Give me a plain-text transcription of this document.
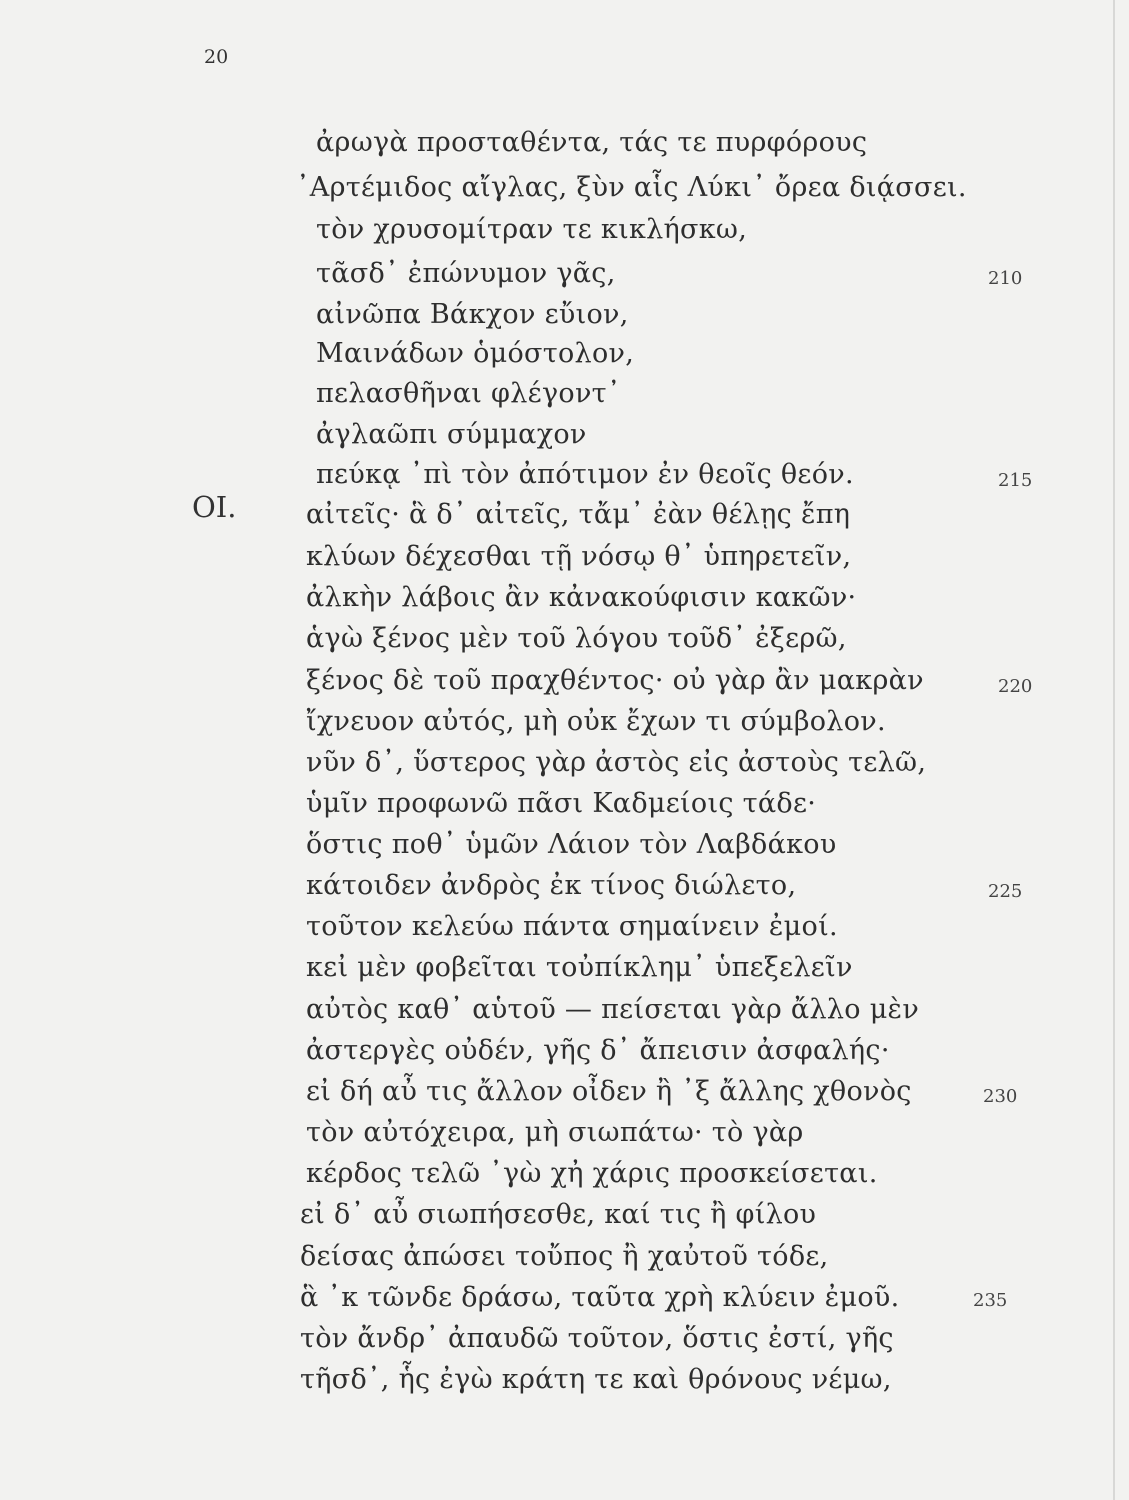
20
ΟΙ.
ἀρωγὰ προσταθέντα, τάς τε πυρφόρους
᾿Αρτέμιδος αἴγλας, ξὺν αἷς Λύκι᾿ ὄρεα διᾴσσει.
τὸν χρυσομίτραν τε κικλήσκω,
τᾶσδ᾿ ἐπώνυμον γᾶς,
αἰνῶπα Βάκχον εὔιον,
Μαινάδων ὁμόστολον,
πελασθῆναι φλέγοντ᾿
ἀγλαῶπι σύμμαχον
πεύκᾳ ᾿πὶ τὸν ἀπότιμον ἐν θεοῖς θεόν.
αἰτεῖς· ἃ δ᾿ αἰτεῖς, τἄμ᾿ ἐὰν θέλῃς ἔπη
κλύων δέχεσθαι τῇ νόσῳ θ᾿ ὑπηρετεῖν,
ἀλκὴν λάβοις ἂν κἀνακούφισιν κακῶν·
ἁγὼ ξένος μὲν τοῦ λόγου τοῦδ᾿ ἐξερῶ,
ξένος δὲ τοῦ πραχθέντος· οὐ γὰρ ἂν μακρὰν
ἴχνευον αὐτός, μὴ οὐκ ἔχων τι σύμβολον.
νῦν δ᾿, ὕστερος γὰρ ἀστὸς εἰς ἀστοὺς τελῶ,
ὑμῖν προφωνῶ πᾶσι Καδμείοις τάδε·
ὅστις ποθ᾿ ὑμῶν Λάιον τὸν Λαβδάκου
κάτοιδεν ἀνδρὸς ἐκ τίνος διώλετο,
τοῦτον κελεύω πάντα σημαίνειν ἐμοί.
κεἰ μὲν φοβεῖται τοὐπίκλημ᾿ ὑπεξελεῖν
αὐτὸς καθ᾿ αὑτοῦ — πείσεται γὰρ ἄλλο μὲν
ἀστεργὲς οὐδέν, γῆς δ᾿ ἄπεισιν ἀσφαλής·
εἰ δή αὖ τις ἄλλον οἶδεν ἢ ᾿ξ ἄλλης χθονὸς
τὸν αὐτόχειρα, μὴ σιωπάτω· τὸ γὰρ
κέρδος τελῶ ᾿γὼ χἠ χάρις προσκείσεται.
εἰ δ᾿ αὖ σιωπήσεσθε, καί τις ἢ φίλου
δείσας ἀπώσει τοὔπος ἢ χαὐτοῦ τόδε,
ἃ ᾿κ τῶνδε δράσω, ταῦτα χρὴ κλύειν ἐμοῦ.
τὸν ἄνδρ᾿ ἀπαυδῶ τοῦτον, ὅστις ἐστί, γῆς
τῆσδ᾿, ἧς ἐγὼ κράτη τε καὶ θρόνους νέμω,
210
215
220
225
230
235
